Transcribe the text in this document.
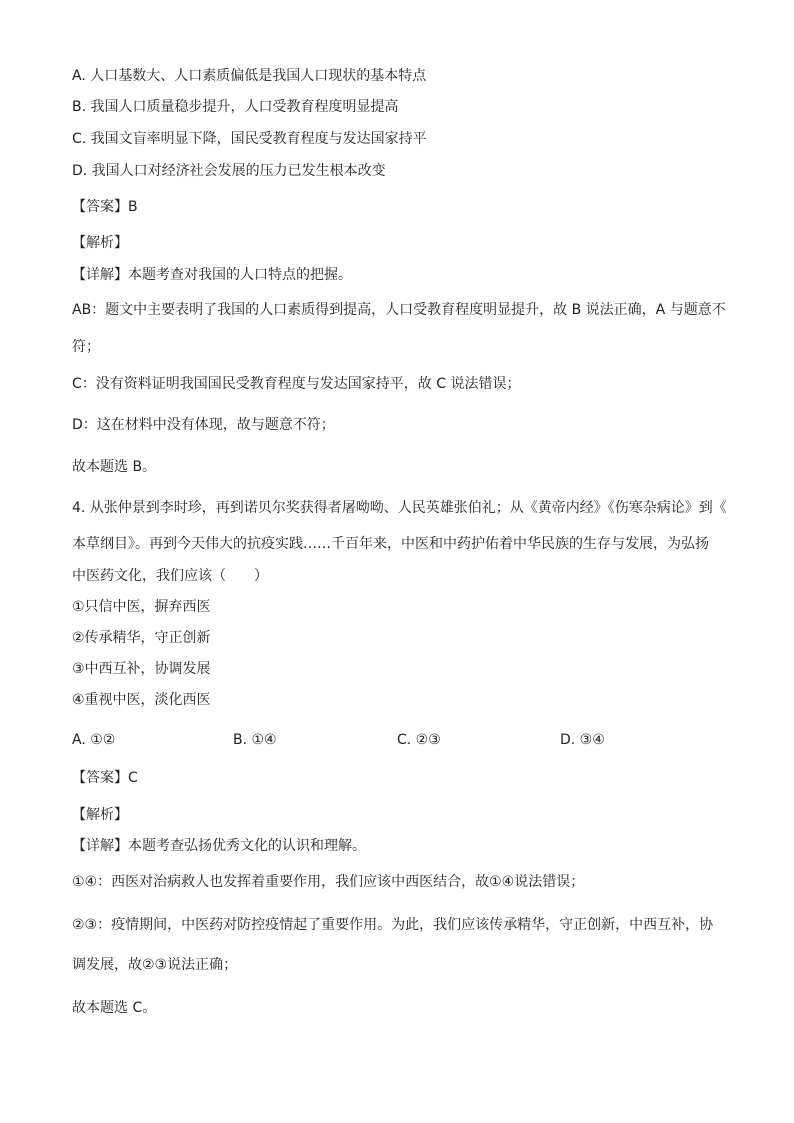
A. 人口基数大、人口素质偏低是我国人口现状的基本特点
B. 我国人口质量稳步提升，人口受教育程度明显提高
C. 我国文盲率明显下降，国民受教育程度与发达国家持平
D. 我国人口对经济社会发展的压力已发生根本改变
【答案】B
【解析】
【详解】本题考查对我国的人口特点的把握。
AB：题文中主要表明了我国的人口素质得到提高，人口受教育程度明显提升，故 B 说法正确，A 与题意不
符；
C：没有资料证明我国国民受教育程度与发达国家持平，故 C 说法错误；
D：这在材料中没有体现，故与题意不符；
故本题选 B。
4. 从张仲景到李时珍，再到诺贝尔奖获得者屠呦呦、人民英雄张伯礼；从《黄帝内经》《伤寒杂病论》到《
本草纲目》。再到今天伟大的抗疫实践……千百年来，中医和中药护佑着中华民族的生存与发展，为弘扬
中医药文化，我们应该（　　）
①只信中医，摒弃西医
②传承精华，守正创新
③中西互补，协调发展
④重视中医，淡化西医
A. ①②	B. ①④	C. ②③	D. ③④
【答案】C
【解析】
【详解】本题考查弘扬优秀文化的认识和理解。
①④：西医对治病救人也发挥着重要作用，我们应该中西医结合，故①④说法错误；
②③：疫情期间，中医药对防控疫情起了重要作用。为此，我们应该传承精华，守正创新，中西互补，协
调发展，故②③说法正确；
故本题选 C。
